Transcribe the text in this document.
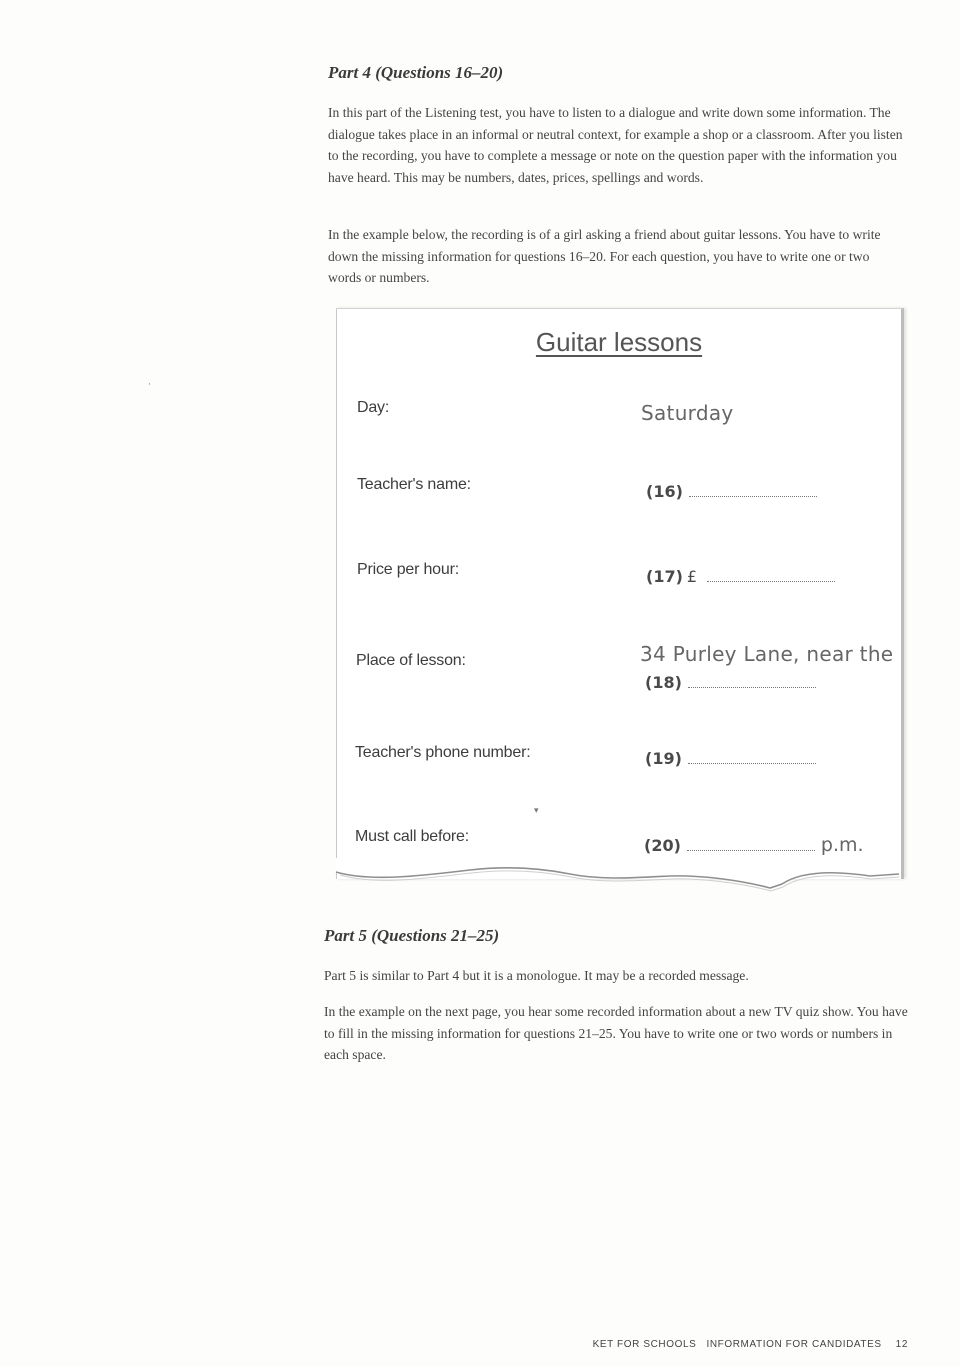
Part 4 (Questions 16–20)

In this part of the Listening test, you have to listen to a dialogue and write down some information. The dialogue takes place in an informal or neutral context, for example a shop or a classroom. After you listen to the recording, you have to complete a message or note on the question paper with the information you have heard. This may be numbers, dates, prices, spellings and words.

In the example below, the recording is of a girl asking a friend about guitar lessons. You have to write down the missing information for questions 16–20. For each question, you have to write one or two words or numbers.

Guitar lessons
Day:	Saturday
Teacher's name:	(16)
Price per hour:	(17) £
Place of lesson:	34 Purley Lane, near the
(18)
Teacher's phone number:	(19)
▾
Must call before:	(20)	p.m.
Part 5 (Questions 21–25)

Part 5 is similar to Part 4 but it is a monologue. It may be a recorded message.

In the example on the next page, you hear some recorded information about a new TV quiz show. You have to fill in the missing information for questions 21–25. You have to write one or two words or numbers in each space.

KET FOR SCHOOLS INFORMATION FOR CANDIDATES 12
·
